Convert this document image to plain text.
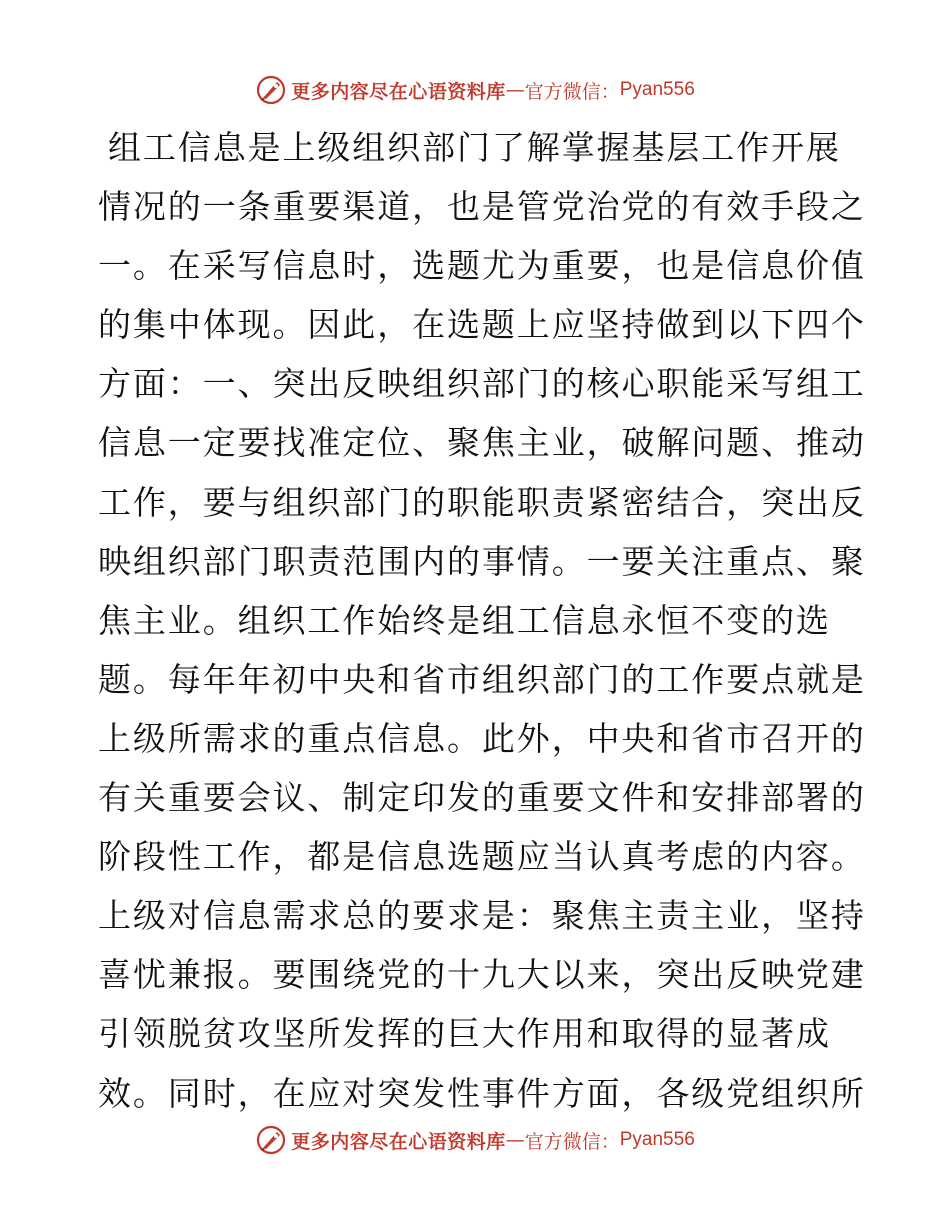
更多内容尽在心语资料库 — 官方微信： Pyan556
组工信息是上级组织部门了解掌握基层工作开展
情况的一条重要渠道，也是管党治党的有效手段之
一。在采写信息时，选题尤为重要，也是信息价值
的集中体现。因此，在选题上应坚持做到以下四个
方面：一、突出反映组织部门的核心职能采写组工
信息一定要找准定位、聚焦主业，破解问题、推动
工作，要与组织部门的职能职责紧密结合，突出反
映组织部门职责范围内的事情。一要关注重点、聚
焦主业。组织工作始终是组工信息永恒不变的选
题。每年年初中央和省市组织部门的工作要点就是
上级所需求的重点信息。此外，中央和省市召开的
有关重要会议、制定印发的重要文件和安排部署的
阶段性工作，都是信息选题应当认真考虑的内容。
上级对信息需求总的要求是：聚焦主责主业，坚持
喜忧兼报。要围绕党的十九大以来，突出反映党建
引领脱贫攻坚所发挥的巨大作用和取得的显著成
效。同时，在应对突发性事件方面，各级党组织所
更多内容尽在心语资料库 — 官方微信： Pyan556
